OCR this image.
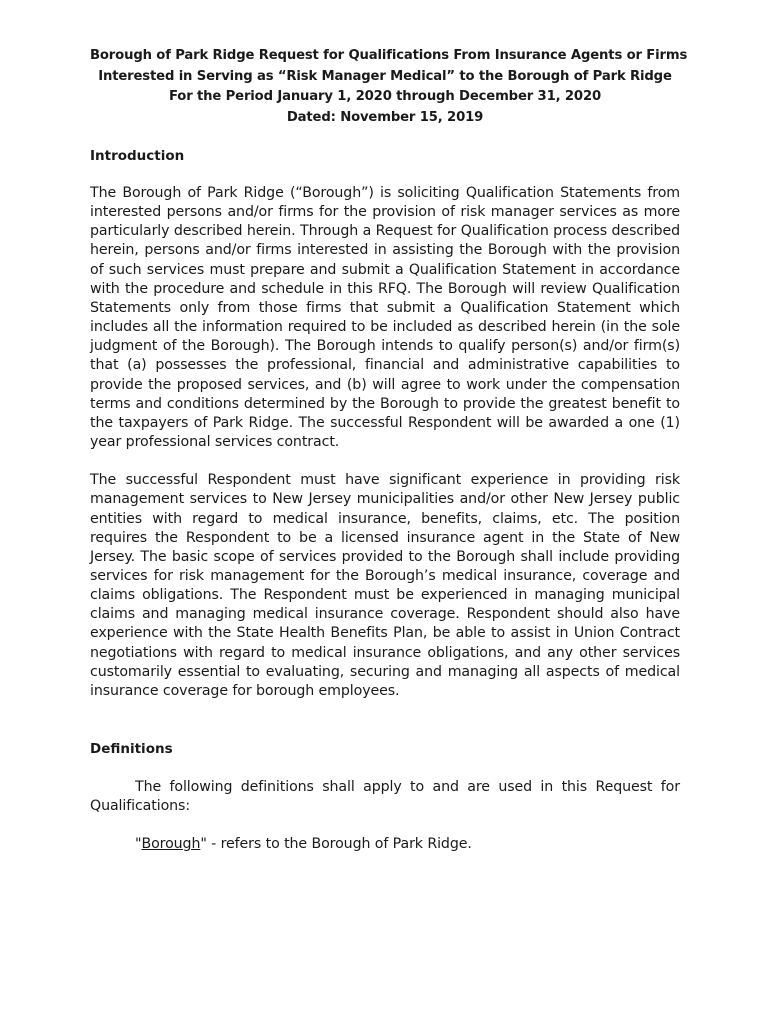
Borough of Park Ridge Request for Qualifications From Insurance Agents or Firms
Interested in Serving as “Risk Manager Medical” to the Borough of Park Ridge
For the Period January 1, 2020 through December 31, 2020
Dated: November 15, 2019

Introduction

The Borough of Park Ridge (“Borough”) is soliciting Qualification Statements from interested persons and/or firms for the provision of risk manager services as more particularly described herein. Through a Request for Qualification process described herein, persons and/or firms interested in assisting the Borough with the provision of such services must prepare and submit a Qualification Statement in accordance with the procedure and schedule in this RFQ. The Borough will review Qualification Statements only from those firms that submit a Qualification Statement which includes all the information required to be included as described herein (in the sole judgment of the Borough). The Borough intends to qualify person(s) and/or firm(s) that (a) possesses the professional, financial and administrative capabilities to provide the proposed services, and (b) will agree to work under the compensation terms and conditions determined by the Borough to provide the greatest benefit to the taxpayers of Park Ridge. The successful Respondent will be awarded a one (1) year professional services contract.

The successful Respondent must have significant experience in providing risk management services to New Jersey municipalities and/or other New Jersey public entities with regard to medical insurance, benefits, claims, etc. The position requires the Respondent to be a licensed insurance agent in the State of New Jersey. The basic scope of services provided to the Borough shall include providing services for risk management for the Borough’s medical insurance, coverage and claims obligations. The Respondent must be experienced in managing municipal claims and managing medical insurance coverage. Respondent should also have experience with the State Health Benefits Plan, be able to assist in Union Contract negotiations with regard to medical insurance obligations, and any other services customarily essential to evaluating, securing and managing all aspects of medical insurance coverage for borough employees.

Definitions

The following definitions shall apply to and are used in this Request for Qualifications:

"Borough" - refers to the Borough of Park Ridge.
